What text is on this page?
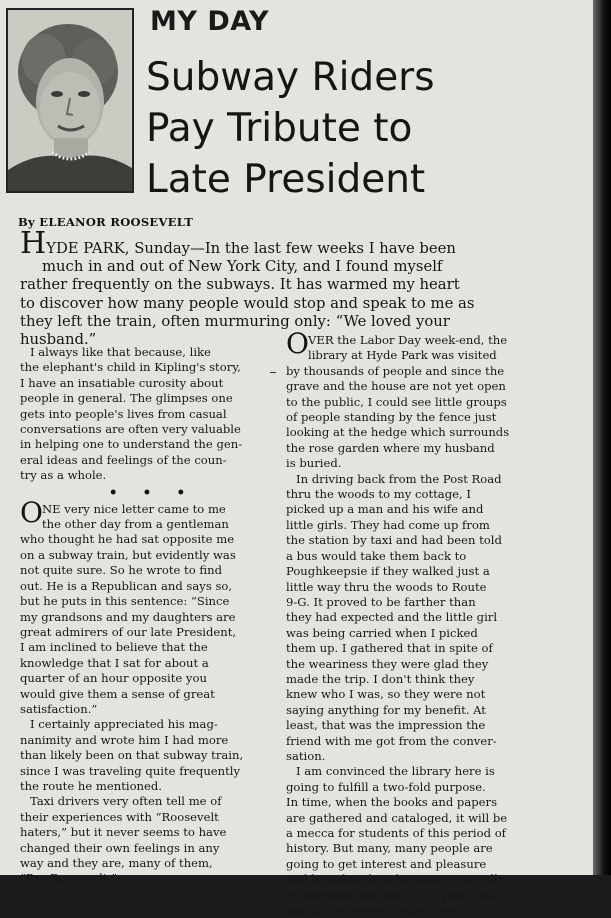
MY DAY
Subway Riders
Pay Tribute to
Late President
By ELEANOR ROOSEVELT
HYDE PARK, Sunday—In the last few weeks I have been
much in and out of New York City, and I found myself
rather frequently on the subways. It has warmed my heart
to discover how many people would stop and speak to me as
they left the train, often murmuring only: “We loved your
husband.”
I always like that because, like
the elephant's child in Kipling's story,
I have an insatiable curosity about
people in general. The glimpses one
gets into people's lives from casual
conversations are often very valuable
in helping one to understand the gen-
eral ideas and feelings of the coun-
try as a whole.
• • •
O NE very nice letter came to me
the other day from a gentleman
who thought he had sat opposite me
on a subway train, but evidently was
not quite sure. So he wrote to find
out. He is a Republican and says so,
but he puts in this sentence: “Since
my grandsons and my daughters are
great admirers of our late President,
I am inclined to believe that the
knowledge that I sat for about a
quarter of an hour opposite you
would give them a sense of great
satisfaction.”
I certainly appreciated his mag-
nanimity and wrote him I had more
than likely been on that subway train,
since I was traveling quite frequently
the route he mentioned.
Taxi drivers very often tell me of
their experiences with “Roosevelt
haters,” but it never seems to have
changed their own feelings in any
way and they are, many of them,
“Pro-Roosevelt.”
O VER the Labor Day week-end, the
library at Hyde Park was visited
by thousands of people and since the
grave and the house are not yet open
to the public, I could see little groups
of people standing by the fence just
looking at the hedge which surrounds
the rose garden where my husband
is buried.
In driving back from the Post Road
thru the woods to my cottage, I
picked up a man and his wife and
little girls. They had come up from
the station by taxi and had been told
a bus would take them back to
Poughkeepsie if they walked just a
little way thru the woods to Route
9-G. It proved to be farther than
they had expected and the little girl
was being carried when I picked
them up. I gathered that in spite of
the weariness they were glad they
made the trip. I don't think they
knew who I was, so they were not
saying anything for my benefit. At
least, that was the impression the
friend with me got from the conver-
sation.
I am convinced the library here is
going to fulfill a two-fold purpose.
In time, when the books and papers
are gathered and cataloged, it will be
a mecca for students of this period of
history. But many, many people are
going to get interest and pleasure
and broaden their horizons generally
by spending an hour or so just look-
ing at the general collections.
